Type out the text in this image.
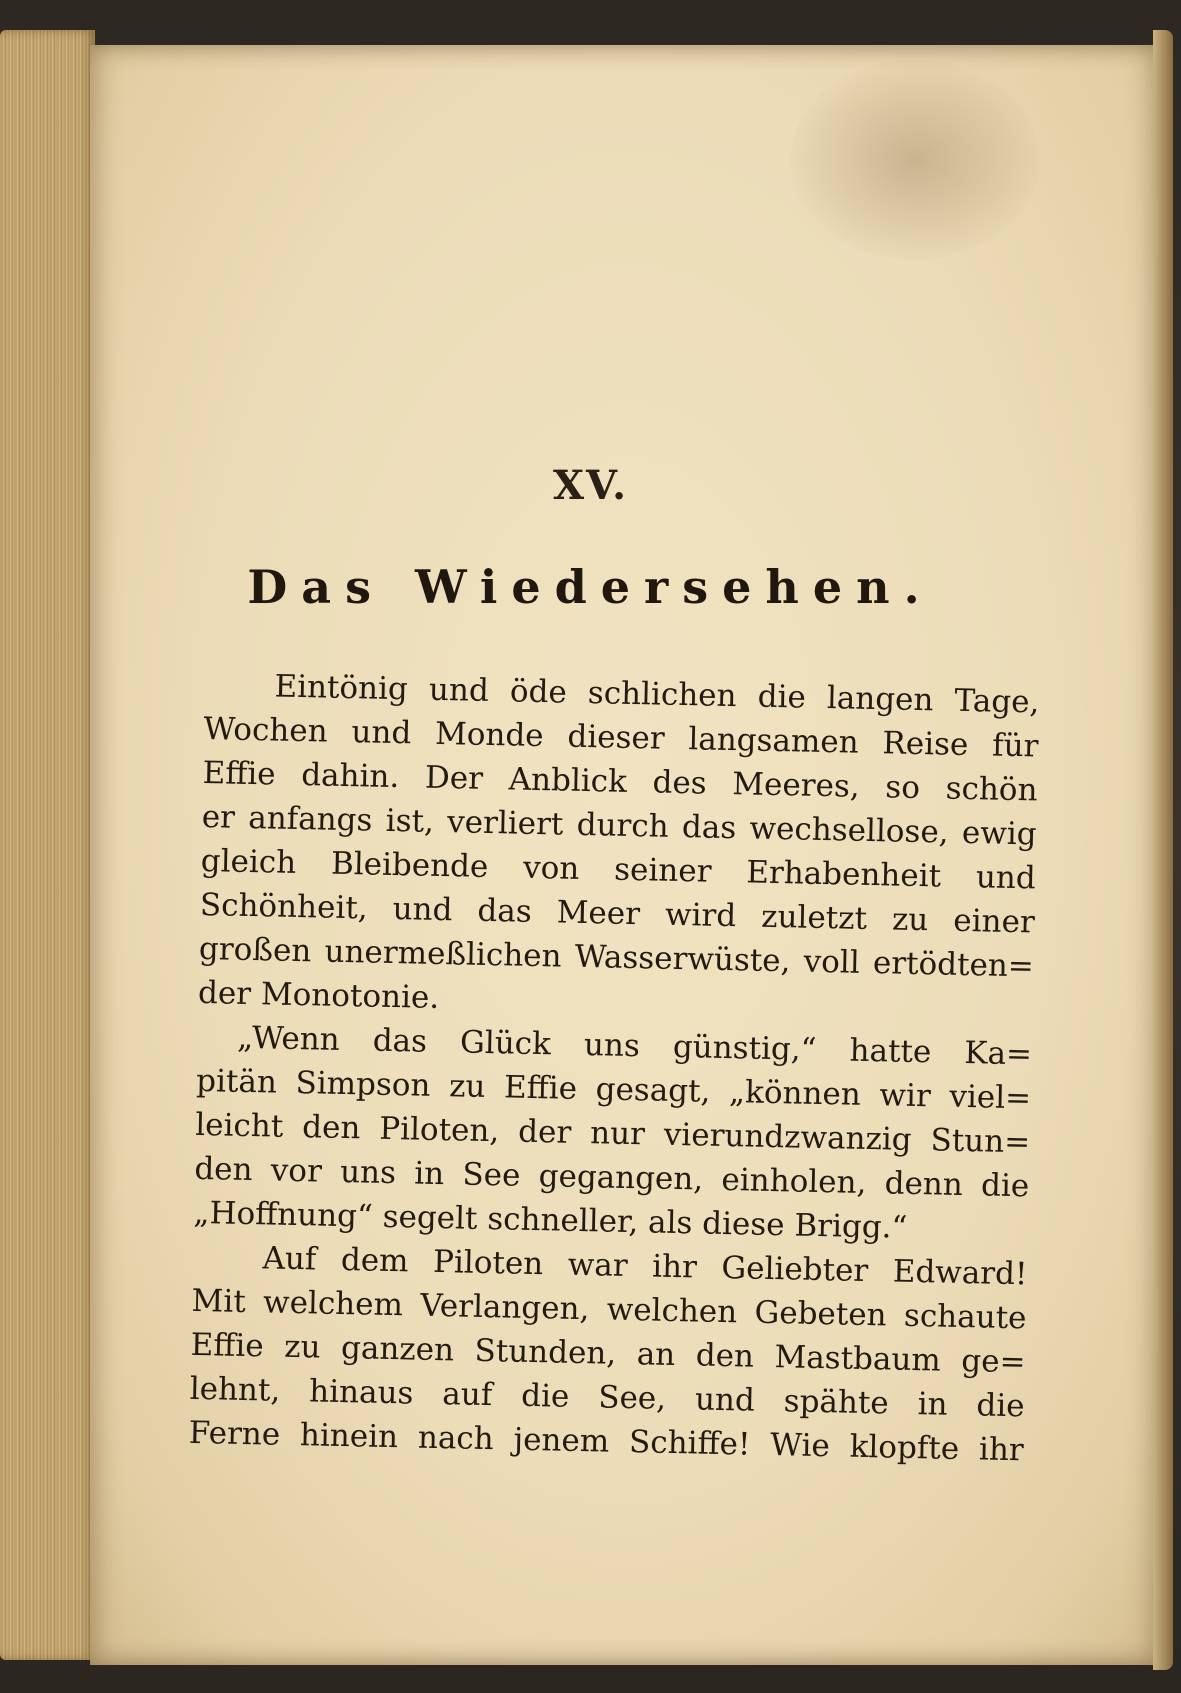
XV.
Das Wiedersehen.
Eintönig und öde schlichen die langen Tage,
Wochen und Monde dieser langsamen Reise für
Effie dahin. Der Anblick des Meeres, so schön
er anfangs ist, verliert durch das wechsellose, ewig
gleich Bleibende von seiner Erhabenheit und
Schönheit, und das Meer wird zuletzt zu einer
großen unermeßlichen Wasserwüste, voll ertödten=
der Monotonie.
„Wenn das Glück uns günstig,“ hatte Ka=
pitän Simpson zu Effie gesagt, „können wir viel=
leicht den Piloten, der nur vierundzwanzig Stun=
den vor uns in See gegangen, einholen, denn die
„Hoffnung“ segelt schneller, als diese Brigg.“
Auf dem Piloten war ihr Geliebter Edward!
Mit welchem Verlangen, welchen Gebeten schaute
Effie zu ganzen Stunden, an den Mastbaum ge=
lehnt, hinaus auf die See, und spähte in die
Ferne hinein nach jenem Schiffe! Wie klopfte ihr
